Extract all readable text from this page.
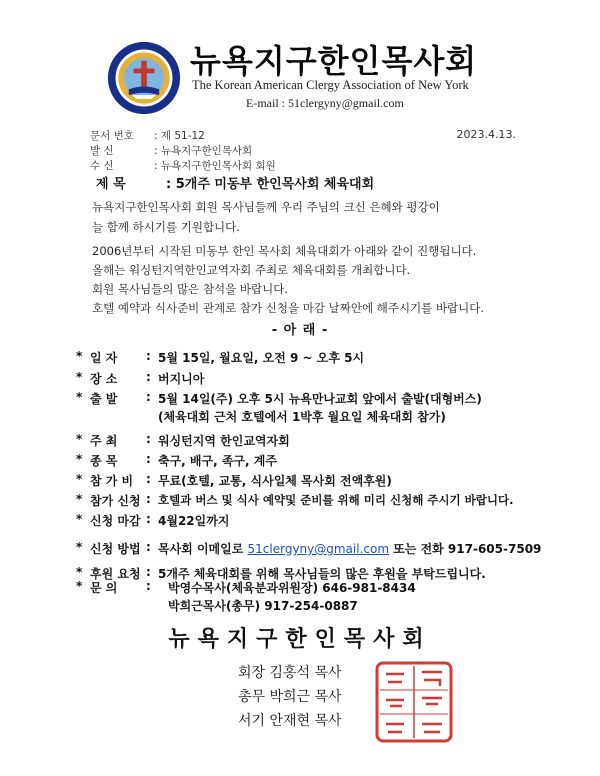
뉴욕지구한인목사회
The Korean American Clergy Association of New York
E-mail : 51clergyny@gmail.com
문서 번호 : 제 51-12	2023.4.13.
발 신	: 뉴욕지구한인목사회
수 신	: 뉴욕지구한인목사회 회원
제 목	: 5개주 미동부 한인목사회 체육대회
뉴욕지구한인목사회 회원 목사님들께 우리 주님의 크신 은혜와 평강이
늘 함께 하시기를 기원합니다.
2006년부터 시작된 미동부 한인 목사회 체육대회가 아래와 같이 진행됩니다.
올해는 워싱턴지역한인교역자회 주최로 체육대회를 개최합니다.
회원 목사님들의 많은 참석을 바랍니다.
호텔 예약과 식사준비 관계로 참가 신청을 마감 날짜안에 해주시기를 바랍니다.
- 아 래 -
* 일 자 : 5월 15일, 월요일, 오전 9 ~ 오후 5시
* 장 소 : 버지니아
* 출 발 : 5월 14일(주) 오후 5시 뉴욕만나교회 앞에서 출발(대형버스)
(체육대회 근처 호텔에서 1박후 월요일 체육대회 참가)
* 주 최 : 워싱턴지역 한인교역자회
* 종 목 : 축구, 배구, 족구, 계주
* 참 가 비 : 무료(호텔, 교통, 식사일체 목사회 전액후원)
* 참가 신청 : 호텔과 버스 및 식사 예약및 준비를 위해 미리 신청해 주시기 바랍니다.
* 신청 마감 : 4월22일까지
* 신청 방법 : 목사회 이메일로 51clergyny@gmail.com 또는 전화 917-605-7509
* 후원 요청 : 5개주 체육대회를 위해 목사님들의 많은 후원을 부탁드립니다.
* 문 의 : 박영수목사(체육분과위원장) 646-981-8434
박희근목사(총무) 917-254-0887
뉴욕지구한인목사회
회장 김홍석 목사
총무 박희근 목사
서기 안재현 목사
